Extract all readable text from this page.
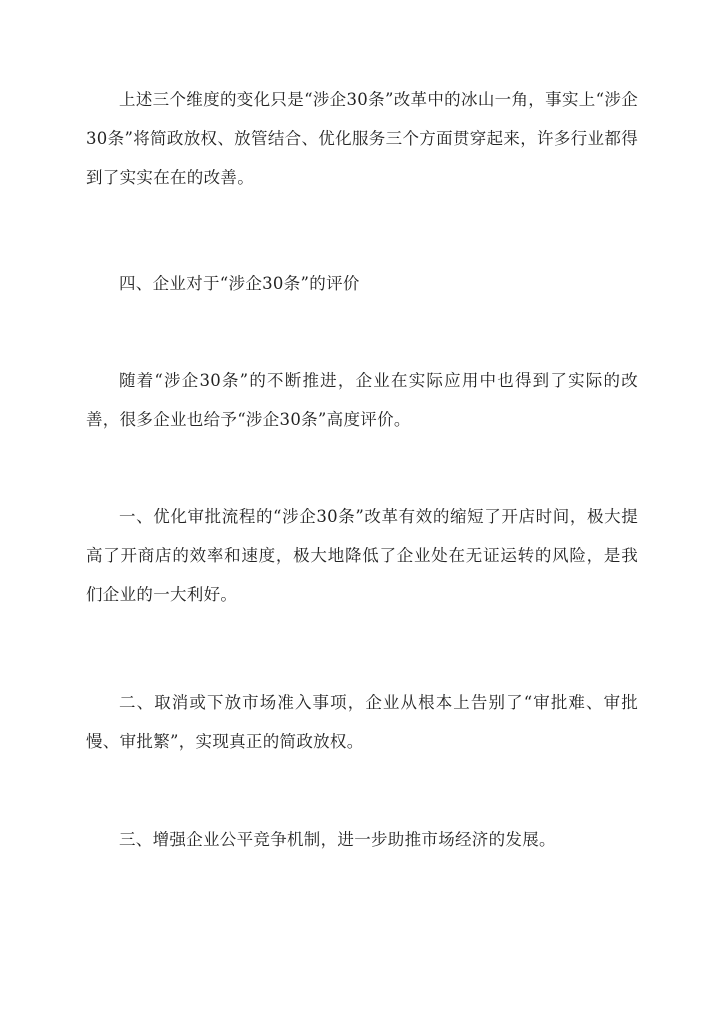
上述三个维度的变化只是“涉企30条”改革中的冰山一角，事实上“涉企30条”将简政放权、放管结合、优化服务三个方面贯穿起来，许多行业都得到了实实在在的改善。

四、企业对于“涉企30条”的评价

随着“涉企30条”的不断推进，企业在实际应用中也得到了实际的改善，很多企业也给予“涉企30条”高度评价。

一、优化审批流程的“涉企30条”改革有效的缩短了开店时间，极大提高了开商店的效率和速度，极大地降低了企业处在无证运转的风险，是我们企业的一大利好。

二、取消或下放市场准入事项，企业从根本上告别了“审批难、审批慢、审批繁”，实现真正的简政放权。

三、增强企业公平竞争机制，进一步助推市场经济的发展。
